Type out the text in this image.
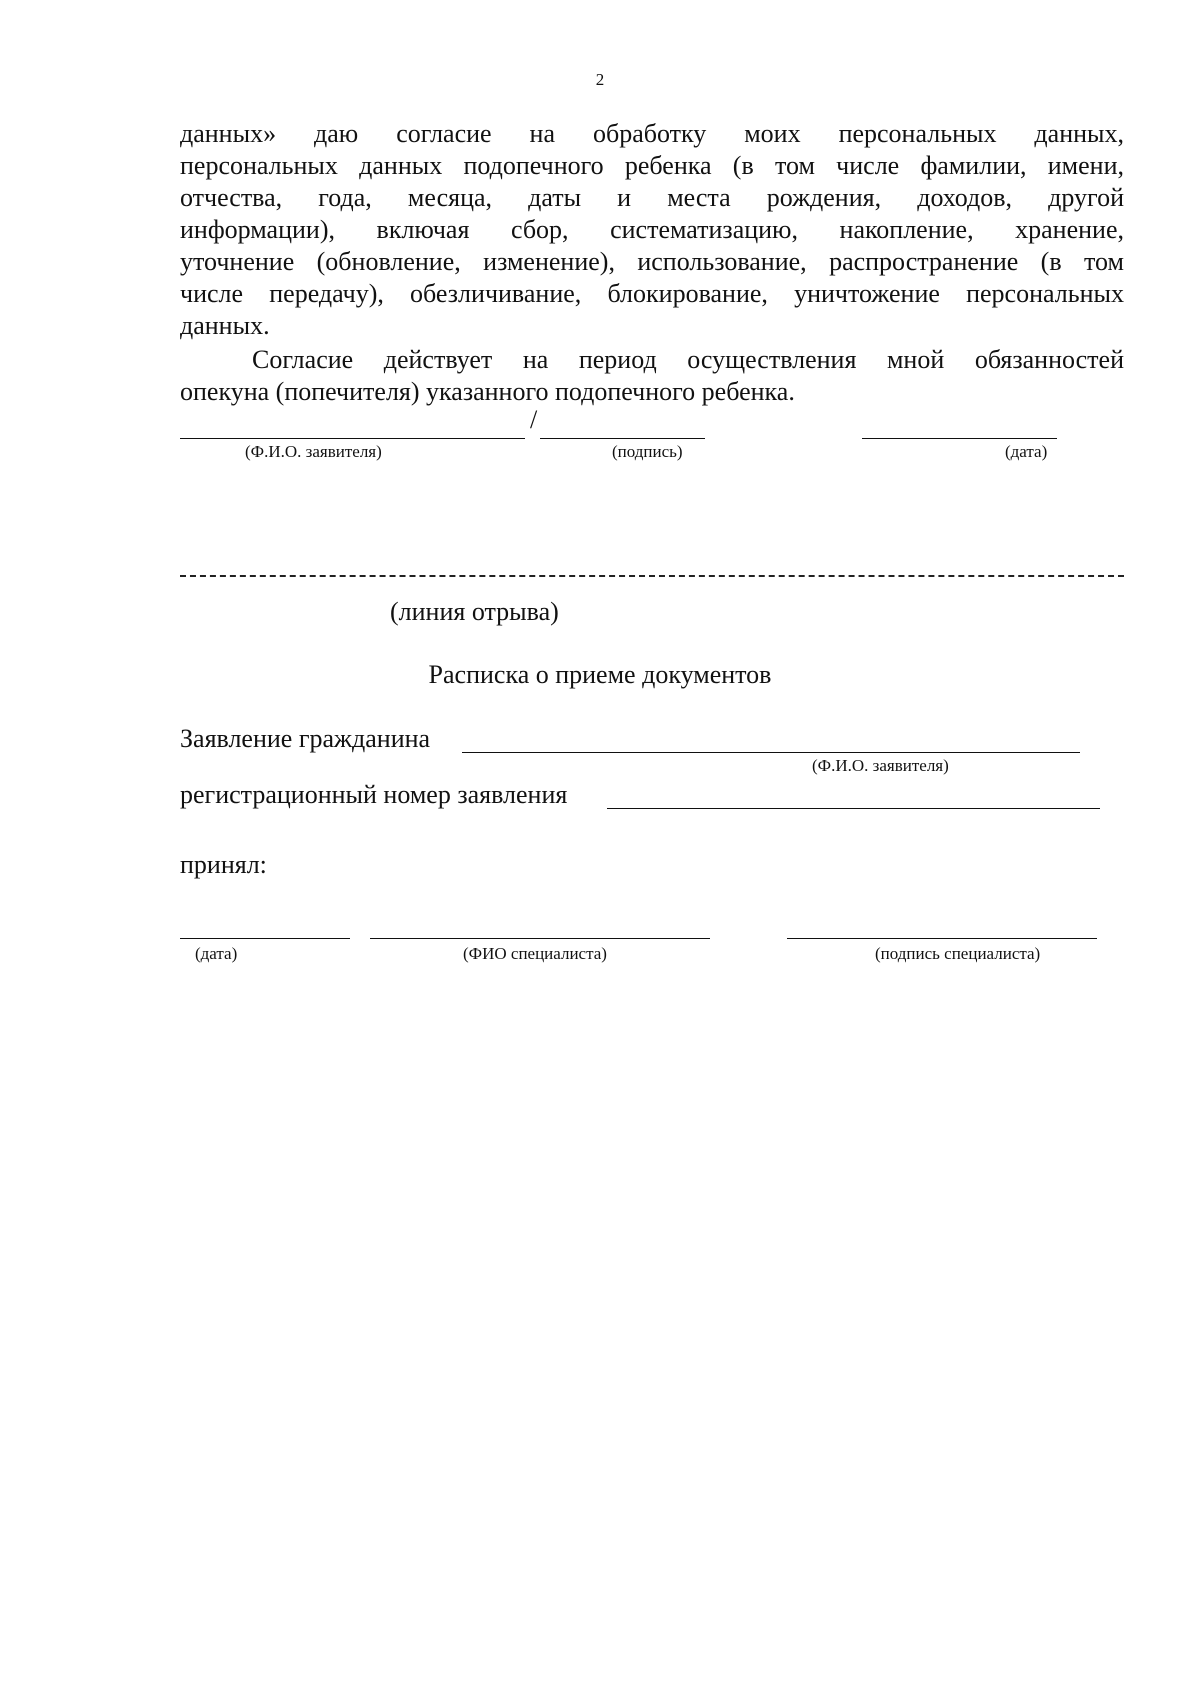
2
данных» даю согласие на обработку моих персональных данных,
персональных данных подопечного ребенка (в том числе фамилии, имени,
отчества, года, месяца, даты и места рождения, доходов, другой
информации), включая сбор, систематизацию, накопление, хранение,
уточнение (обновление, изменение), использование, распространение (в том
числе передачу), обезличивание, блокирование, уничтожение персональных
данных.
Согласие действует на период осуществления мной обязанностей
опекуна (попечителя) указанного подопечного ребенка.
/
(Ф.И.О. заявителя)	(подпись)	(дата)
(линия отрыва)
Расписка о приеме документов
Заявление гражданина
(Ф.И.О. заявителя)
регистрационный номер заявления
принял:
(дата)	(ФИО специалиста)	(подпись специалиста)
